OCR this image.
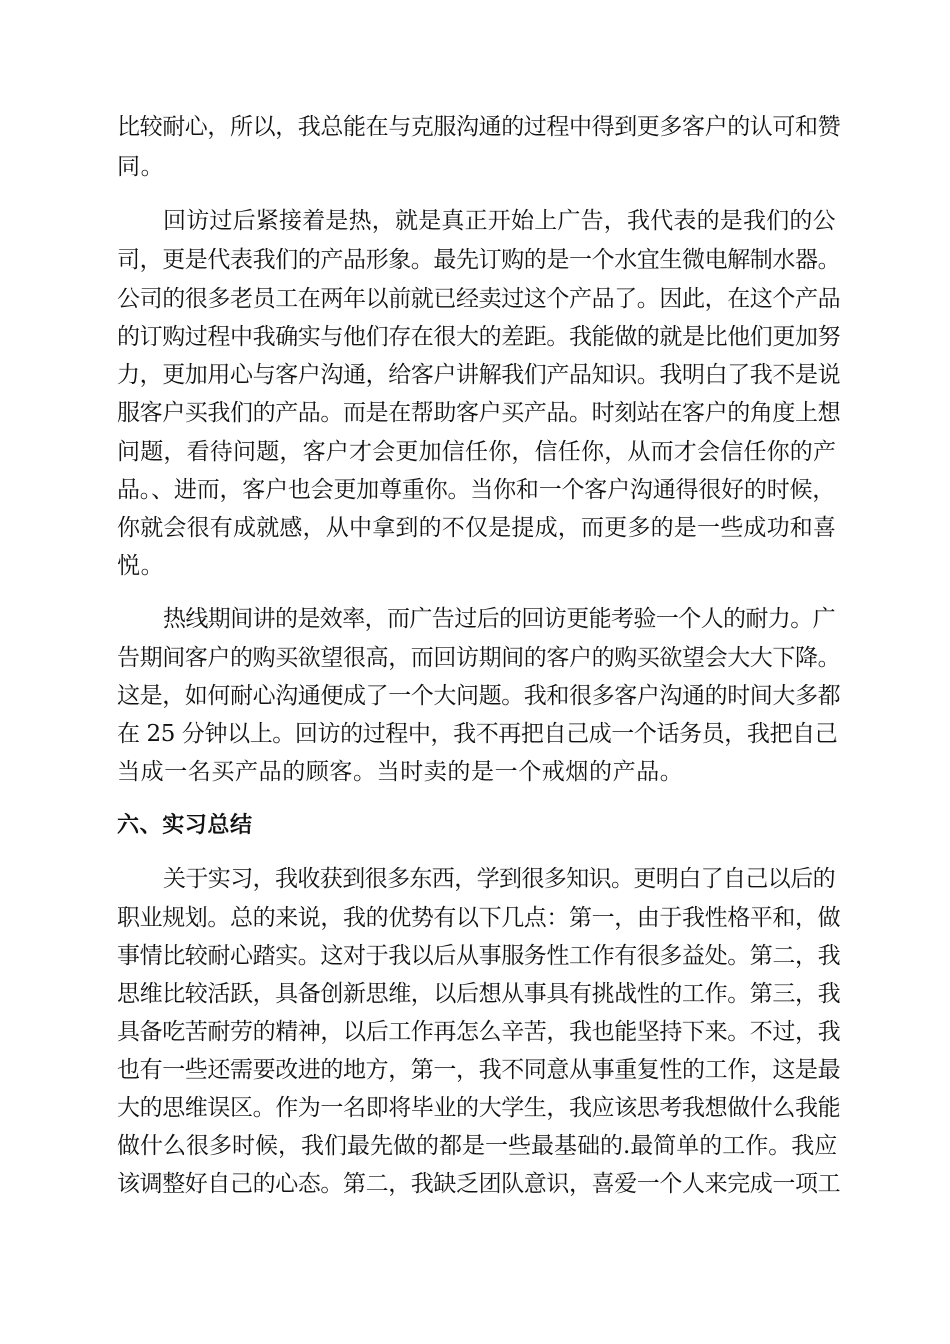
比较耐心，所以，我总能在与克服沟通的过程中得到更多客户的认可和赞
同。
回访过后紧接着是热，就是真正开始上广告，我代表的是我们的公
司，更是代表我们的产品形象。最先订购的是一个水宜生微电解制水器。
公司的很多老员工在两年以前就已经卖过这个产品了。因此，在这个产品
的订购过程中我确实与他们存在很大的差距。我能做的就是比他们更加努
力，更加用心与客户沟通，给客户讲解我们产品知识。我明白了我不是说
服客户买我们的产品。而是在帮助客户买产品。时刻站在客户的角度上想
问题，看待问题，客户才会更加信任你，信任你，从而才会信任你的产
品。、进而，客户也会更加尊重你。当你和一个客户沟通得很好的时候，
你就会很有成就感，从中拿到的不仅是提成，而更多的是一些成功和喜
悦。
热线期间讲的是效率，而广告过后的回访更能考验一个人的耐力。广
告期间客户的购买欲望很高，而回访期间的客户的购买欲望会大大下降。
这是，如何耐心沟通便成了一个大问题。我和很多客户沟通的时间大多都
在 25 分钟以上。回访的过程中，我不再把自己成一个话务员，我把自己
当成一名买产品的顾客。当时卖的是一个戒烟的产品。
六、实习总结
关于实习，我收获到很多东西，学到很多知识。更明白了自己以后的
职业规划。总的来说，我的优势有以下几点：第一，由于我性格平和，做
事情比较耐心踏实。这对于我以后从事服务性工作有很多益处。第二，我
思维比较活跃，具备创新思维，以后想从事具有挑战性的工作。第三，我
具备吃苦耐劳的精神，以后工作再怎么辛苦，我也能坚持下来。不过，我
也有一些还需要改进的地方，第一，我不同意从事重复性的工作，这是最
大的思维误区。作为一名即将毕业的大学生，我应该思考我想做什么我能
做什么很多时候，我们最先做的都是一些最基础的.最简单的工作。我应
该调整好自己的心态。第二，我缺乏团队意识，喜爱一个人来完成一项工
